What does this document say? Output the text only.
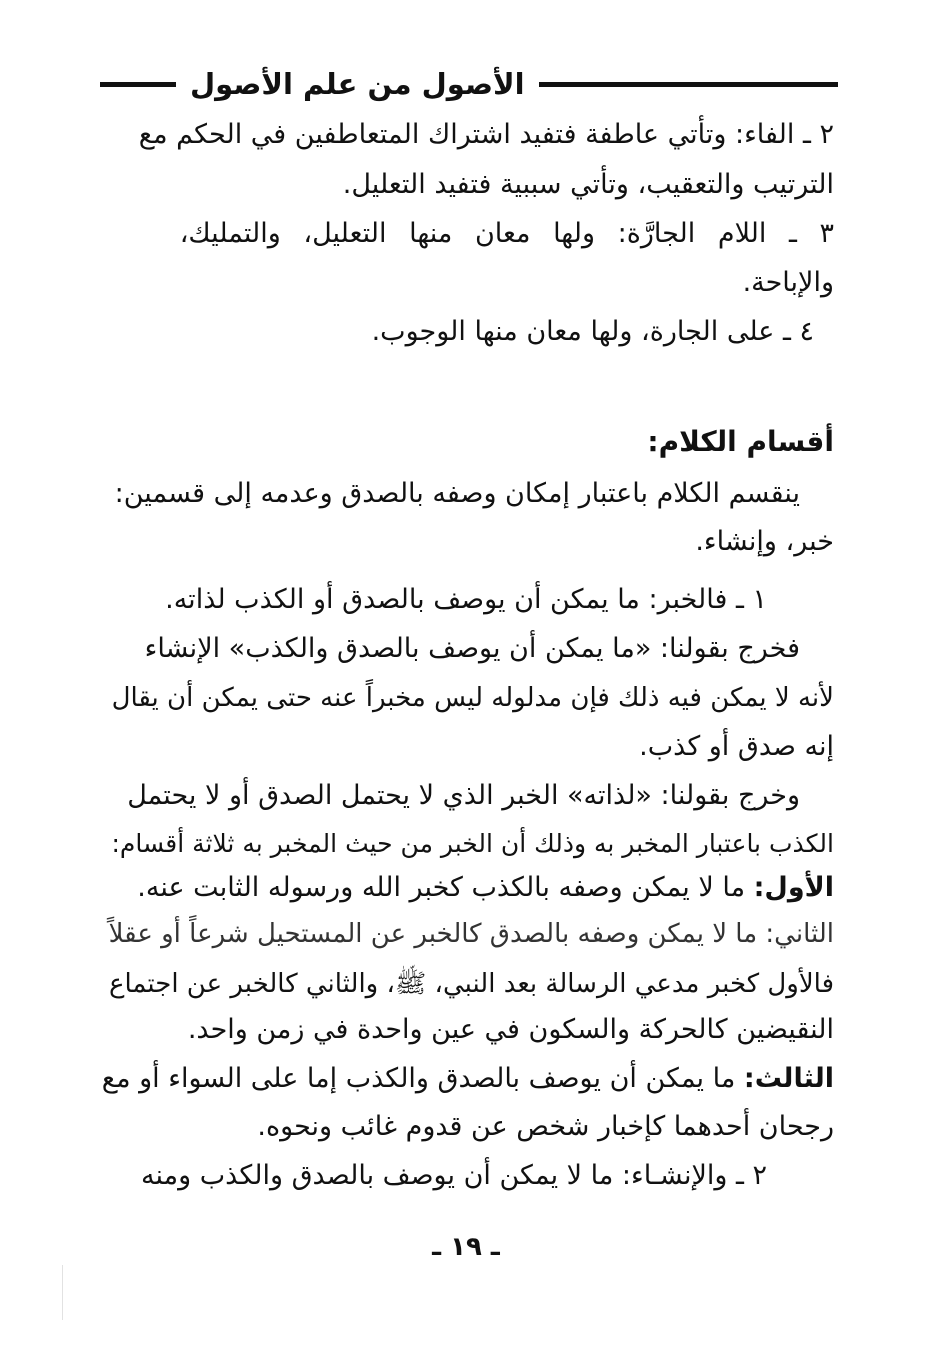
الأصول من علم الأصول
٢ ـ الفاء: وتأتي عاطفة فتفيد اشتراك المتعاطفين في الحكم مع
الترتيب والتعقيب، وتأتي سببية فتفيد التعليل.
٣ ـ اللام الجارَّة: ولها معان منها التعليل، والتمليك،
والإباحة.
٤ ـ على الجارة، ولها معان منها الوجوب.
أقسام الكلام:
ينقسم الكلام باعتبار إمكان وصفه بالصدق وعدمه إلى قسمين:
خبر، وإنشاء.
١ ـ فالخبر: ما يمكن أن يوصف بالصدق أو الكذب لذاته.
فخرج بقولنا: «ما يمكن أن يوصف بالصدق والكذب» الإنشاء
لأنه لا يمكن فيه ذلك فإن مدلوله ليس مخبراً عنه حتى يمكن أن يقال
إنه صدق أو كذب.
وخرج بقولنا: «لذاته» الخبر الذي لا يحتمل الصدق أو لا يحتمل
الكذب باعتبار المخبر به وذلك أن الخبر من حيث المخبر به ثلاثة أقسام:
الأول: ما لا يمكن وصفه بالكذب كخبر الله ورسوله الثابت عنه.
الثاني: ما لا يمكن وصفه بالصدق كالخبر عن المستحيل شرعاً أو عقلاً
فالأول كخبر مدعي الرسالة بعد النبي، ﷺ، والثاني كالخبر عن اجتماع
النقيضين كالحركة والسكون في عين واحدة في زمن واحد.
الثالث: ما يمكن أن يوصف بالصدق والكذب إما على السواء أو مع
رجحان أحدهما كإخبار شخص عن قدوم غائب ونحوه.
٢ ـ والإنشـاء: ما لا يمكن أن يوصف بالصدق والكذب ومنه
ـ ١٩ ـ
